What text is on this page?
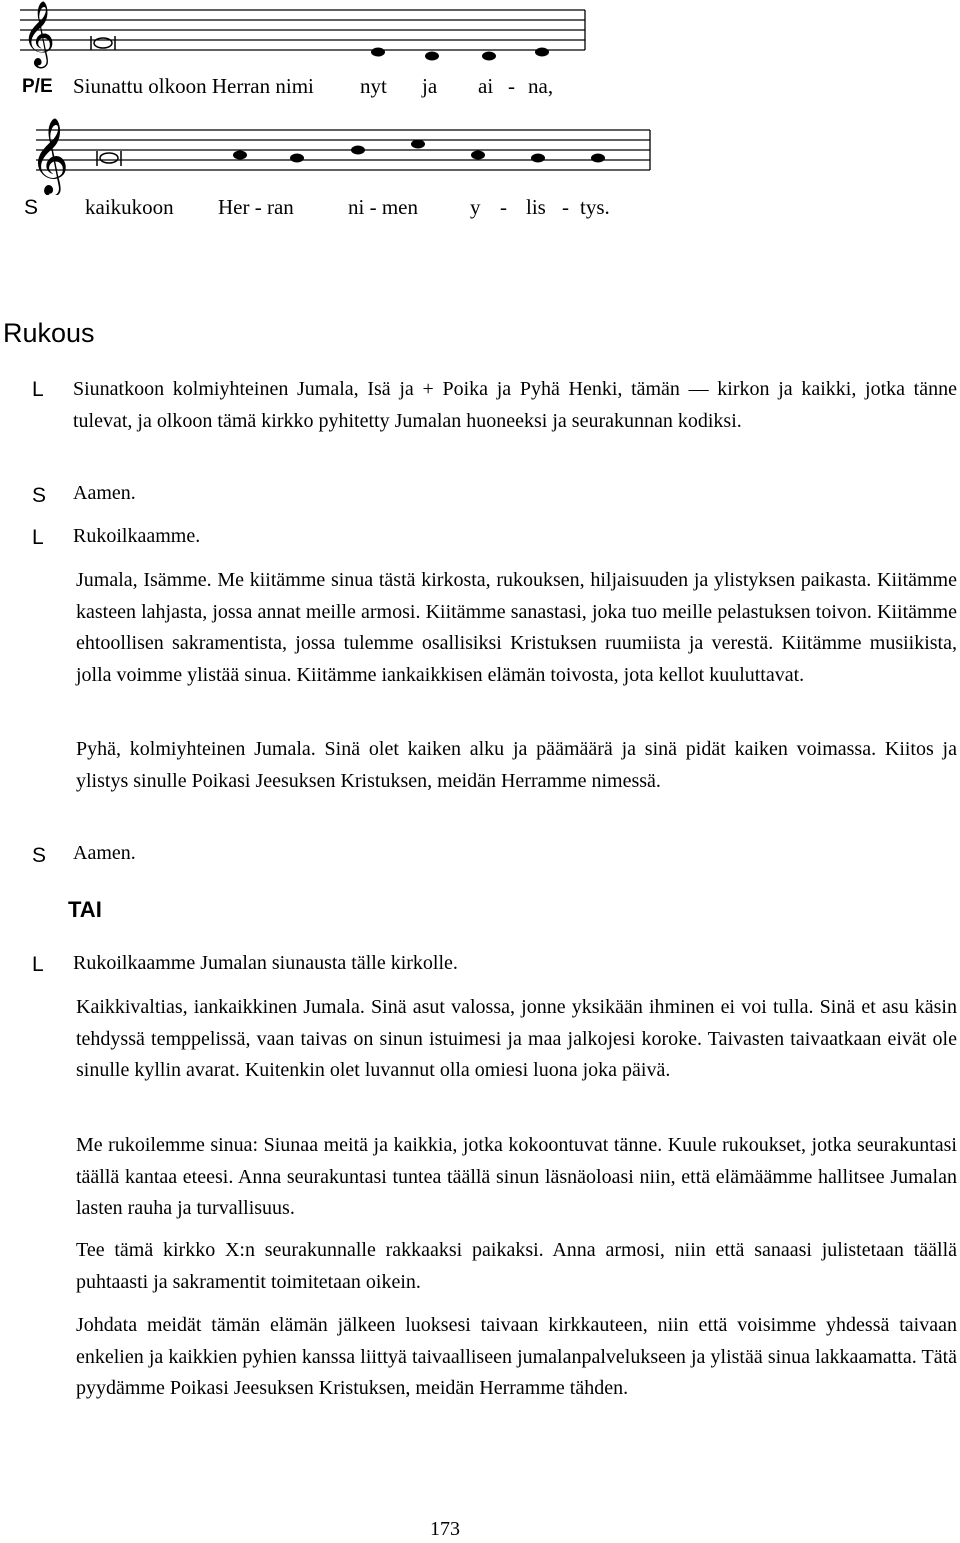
𝄞
P/E Siunattu olkoon Herran nimi nyt ja ai - na,
𝄞
S kaikukoon Her - ran	ni - men y - lis - tys.
Rukous
L Siunatkoon kolmiyhteinen Jumala, Isä ja + Poika ja Pyhä Henki, tämän — kirkon ja kaikki, jotka tänne tulevat, ja olkoon tämä kirkko pyhitetty Jumalan huoneeksi ja seurakunnan kodiksi.
S Aamen.
L Rukoilkaamme.
Jumala, Isämme. Me kiitämme sinua tästä kirkosta, rukouksen, hiljaisuuden ja ylistyksen paikasta. Kiitämme kasteen lahjasta, jossa annat meille armosi. Kiitämme sanastasi, joka tuo meille pelastuksen toivon. Kiitämme ehtoollisen sakramentista, jossa tulemme osallisiksi Kristuksen ruumiista ja verestä. Kiitämme musiikista, jolla voimme ylistää sinua. Kiitämme iankaikkisen elämän toivosta, jota kellot kuuluttavat.
Pyhä, kolmiyhteinen Jumala. Sinä olet kaiken alku ja päämäärä ja sinä pidät kaiken voimassa. Kiitos ja ylistys sinulle Poikasi Jeesuksen Kristuksen, meidän Herramme nimessä.
S Aamen.
TAI
L Rukoilkaamme Jumalan siunausta tälle kirkolle.
Kaikkivaltias, iankaikkinen Jumala. Sinä asut valossa, jonne yksikään ihminen ei voi tulla. Sinä et asu käsin tehdyssä temppelissä, vaan taivas on sinun istuimesi ja maa jalkojesi koroke. Taivasten taivaatkaan eivät ole sinulle kyllin avarat. Kuitenkin olet luvannut olla omiesi luona joka päivä.
Me rukoilemme sinua: Siunaa meitä ja kaikkia, jotka kokoontuvat tänne. Kuule rukoukset, jotka seurakuntasi täällä kantaa eteesi. Anna seurakuntasi tuntea täällä sinun läsnäoloasi niin, että elämäämme hallitsee Jumalan lasten rauha ja turvallisuus.
Tee tämä kirkko X:n seurakunnalle rakkaaksi paikaksi. Anna armosi, niin että sanaasi julistetaan täällä puhtaasti ja sakramentit toimitetaan oikein.
Johdata meidät tämän elämän jälkeen luoksesi taivaan kirkkauteen, niin että voisimme yhdessä taivaan enkelien ja kaikkien pyhien kanssa liittyä taivaalliseen jumalanpalvelukseen ja ylistää sinua lakkaamatta. Tätä pyydämme Poikasi Jeesuksen Kristuksen, meidän Herramme tähden.
173
